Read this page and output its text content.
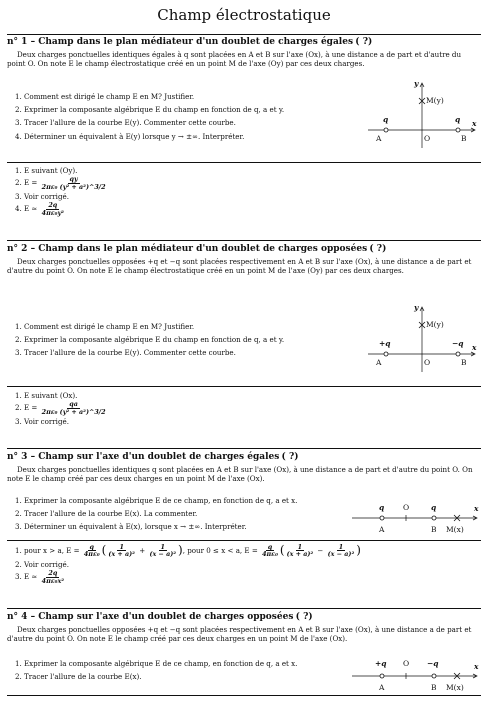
Champ électrostatique
n° 1 – Champ dans le plan médiateur d'un doublet de charges égales ( ?)

Deux charges ponctuelles identiques égales à q sont placées en A et B sur l'axe (Ox), à une distance a de part et d'autre du point O. On note E le champ électrostatique créé en un point M de l'axe (Oy) par ces deux charges.

1. Comment est dirigé le champ E en M? Justifier.
2. Exprimer la composante algébrique E du champ en fonction de q, a et y.
3. Tracer l'allure de la courbe E(y). Commenter cette courbe.
4. Déterminer un équivalent à E(y) lorsque y → ±∞. Interpréter.
q	q
A	B
O
M(y)
x
y
1. E suivant (Oy).
2. $E = \frac{qy}{\text{2πε₀ (y² + a²)\textasciicircum{}3/2}}$
3. Voir corrigé.
4. E ≃ $\frac{2q}{\text{4πε₀y²}}$
n° 2 – Champ dans le plan médiateur d'un doublet de charges opposées ( ?)

Deux charges ponctuelles opposées +q et −q sont placées respectivement en A et B sur l'axe (Ox), à une distance a de part et d'autre du point O. On note E le champ électrostatique créé en un point M de l'axe (Oy) par ces deux charges.

1. Comment est dirigé le champ E en M? Justifier.
2. Exprimer la composante algébrique E du champ en fonction de q, a et y.
3. Tracer l'allure de la courbe E(y). Commenter cette courbe.
+q	−q
A	B
O
M(y)
x
y
1. E suivant (Ox).
2. $E = \frac{qa}{\text{2πε₀ (y² + a²)\textasciicircum{}3/2}}$
3. Voir corrigé.
n° 3 – Champ sur l'axe d'un doublet de charges égales ( ?)

Deux charges ponctuelles identiques q sont placées en A et B sur l'axe (Ox), à une distance a de part et d'autre du point O. On note E le champ créé par ces deux charges en un point M de l'axe (Ox).

1. Exprimer la composante algébrique E de ce champ, en fonction de q, a et x.
2. Tracer l'allure de la courbe E(x). La commenter.
3. Déterminer un équivalent à E(x), lorsque x → ±∞. Interpréter.
q	q
O
A	B M(x)
x
1. pour x > a, $E = \frac{q}{\text{4πε₀}}$ ( $\frac{1}{\text{(x + a)²}} + \frac{1}{\text{(x − a)²}}$ ), pour 0 ≤ x < a, $E = \frac{q}{\text{4πε₀}}$ ( $\frac{1}{\text{(x + a)²}} - \frac{1}{\text{(x − a)²}}$ )
2. Voir corrigé.
3. E ≃ $\frac{2q}{\text{4πε₀x²}}$
n° 4 – Champ sur l'axe d'un doublet de charges opposées ( ?)

Deux charges ponctuelles opposées +q et −q sont placées respectivement en A et B sur l'axe (Ox), à une distance a de part et d'autre du point O. On note E le champ créé par ces deux charges en un point M de l'axe (Ox).

1. Exprimer la composante algébrique E de ce champ, en fonction de q, a et x.
2. Tracer l'allure de la courbe E(x).
+q	−q
O
A	B M(x)
x
